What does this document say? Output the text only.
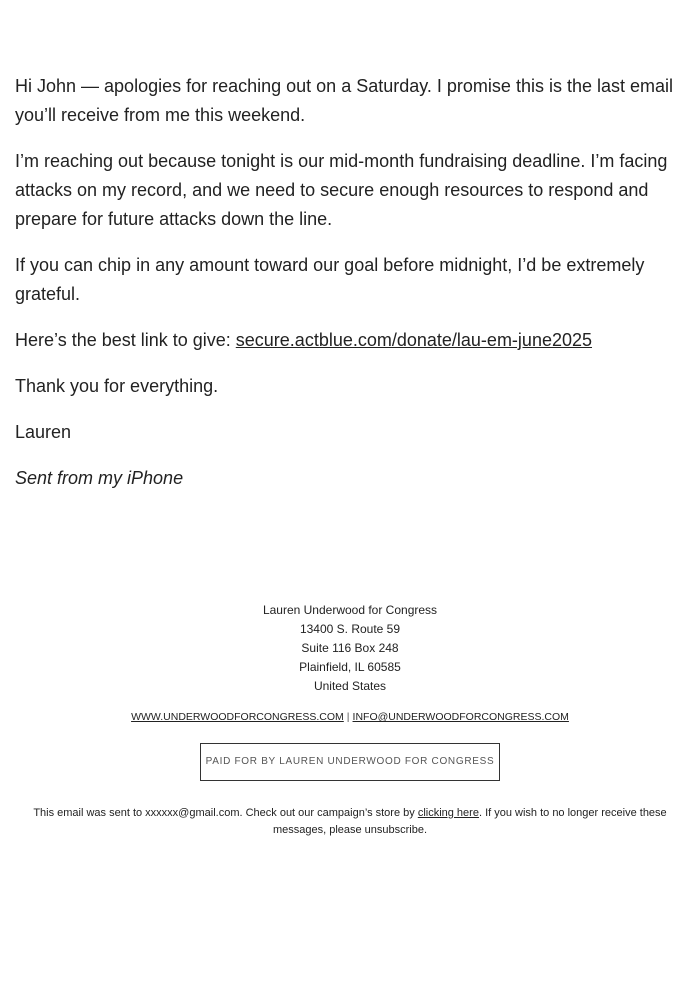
Hi John — apologies for reaching out on a Saturday. I promise this is the last email you’ll receive from me this weekend.

I’m reaching out because tonight is our mid-month fundraising deadline. I’m facing attacks on my record, and we need to secure enough resources to respond and prepare for future attacks down the line.

If you can chip in any amount toward our goal before midnight, I’d be extremely grateful.

Here’s the best link to give: secure.actblue.com/donate/lau-em-june2025

Thank you for everything.

Lauren

Sent from my iPhone

Lauren Underwood for Congress
13400 S. Route 59
Suite 116 Box 248
Plainfield, IL 60585
United States
WWW.UNDERWOODFORCONGRESS.COM | INFO@UNDERWOODFORCONGRESS.COM
PAID FOR BY LAUREN UNDERWOOD FOR CONGRESS
This email was sent to xxxxxx@gmail.com. Check out our campaign’s store by clicking here. If you wish to no longer receive these messages, please unsubscribe.
